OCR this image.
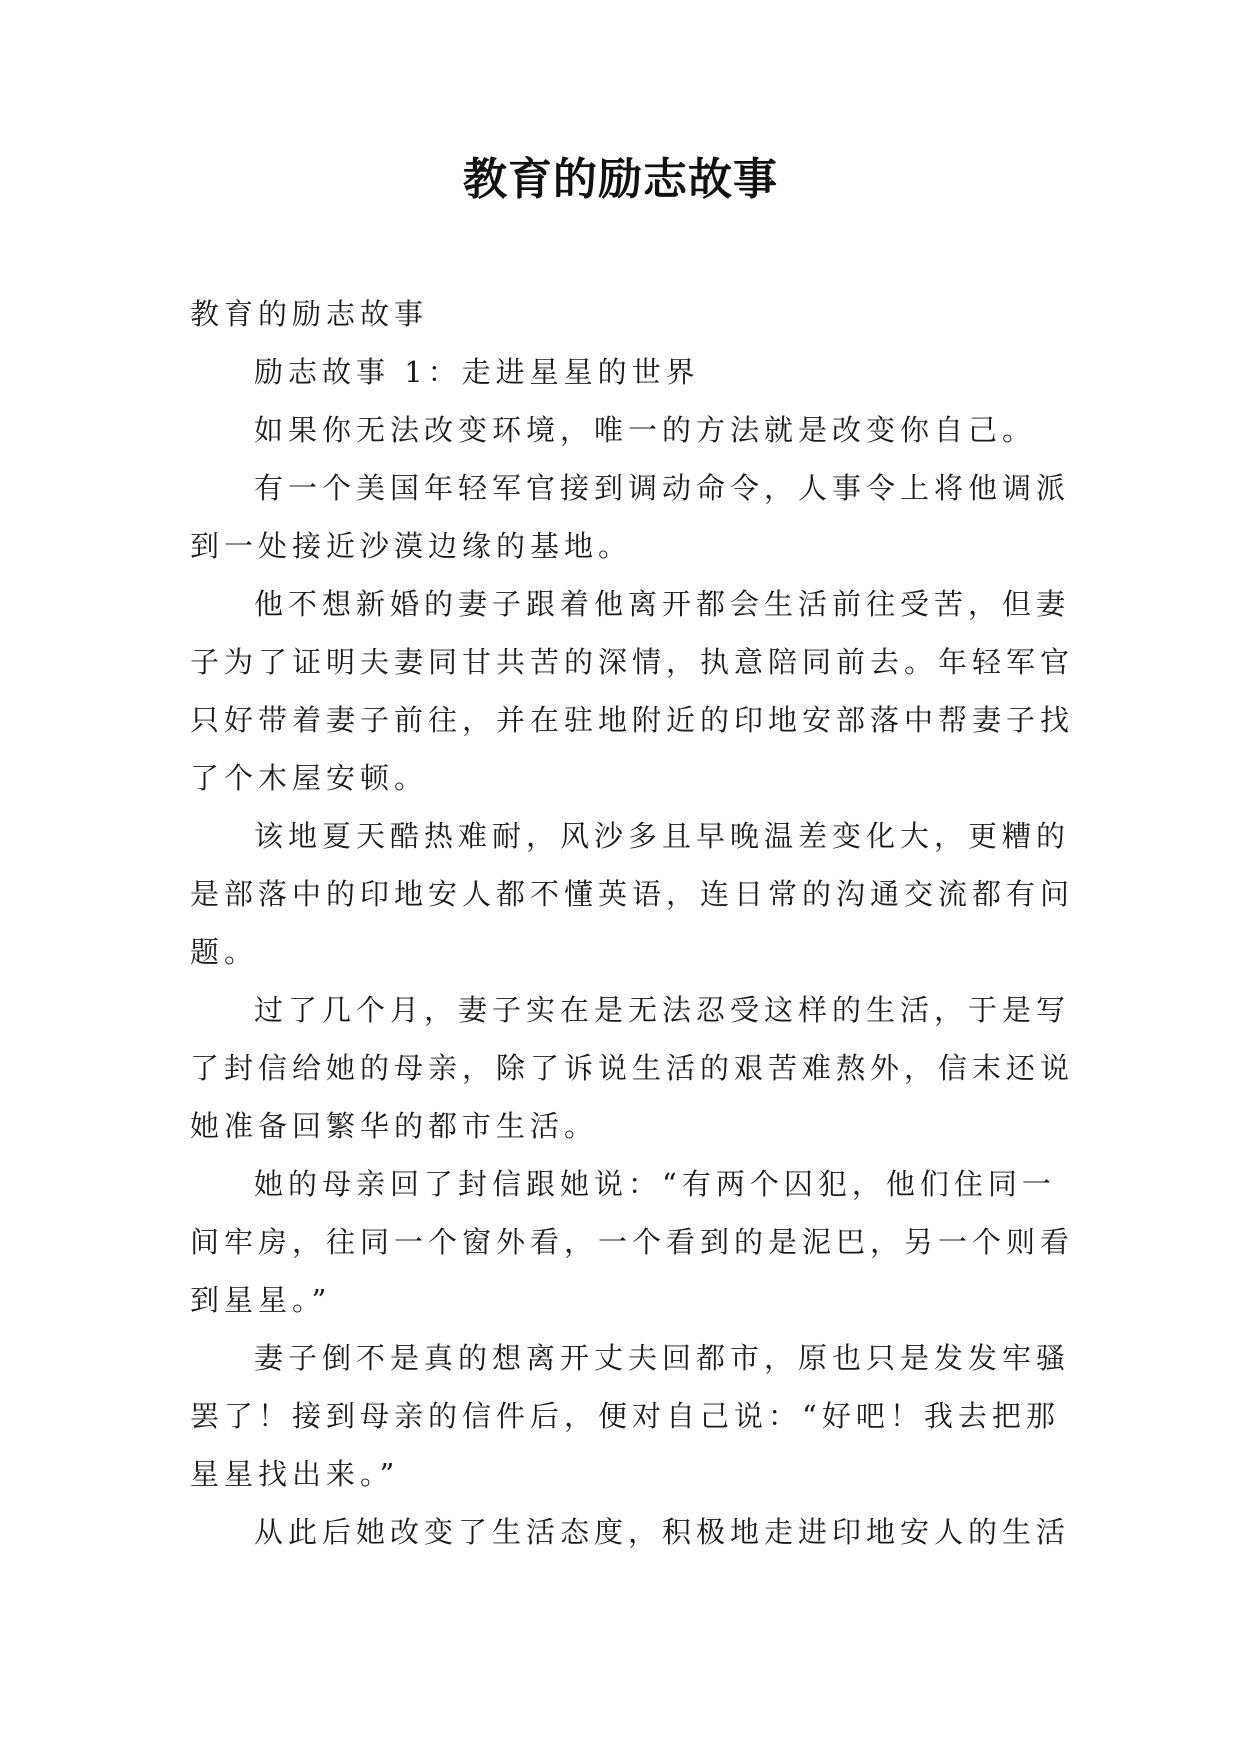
教育的励志故事
教育的励志故事
励志故事 1：走进星星的世界
如果你无法改变环境，唯一的方法就是改变你自己。
有一个美国年轻军官接到调动命令，人事令上将他调派
到一处接近沙漠边缘的基地。
他不想新婚的妻子跟着他离开都会生活前往受苦，但妻
子为了证明夫妻同甘共苦的深情，执意陪同前去。年轻军官
只好带着妻子前往，并在驻地附近的印地安部落中帮妻子找
了个木屋安顿。
该地夏天酷热难耐，风沙多且早晚温差变化大，更糟的
是部落中的印地安人都不懂英语，连日常的沟通交流都有问
题。
过了几个月，妻子实在是无法忍受这样的生活，于是写
了封信给她的母亲，除了诉说生活的艰苦难熬外，信末还说
她准备回繁华的都市生活。
她的母亲回了封信跟她说：“有两个囚犯，他们住同一
间牢房，往同一个窗外看，一个看到的是泥巴，另一个则看
到星星。”
妻子倒不是真的想离开丈夫回都市，原也只是发发牢骚
罢了！接到母亲的信件后，便对自己说：“好吧！我去把那
星星找出来。”
从此后她改变了生活态度，积极地走进印地安人的生活
